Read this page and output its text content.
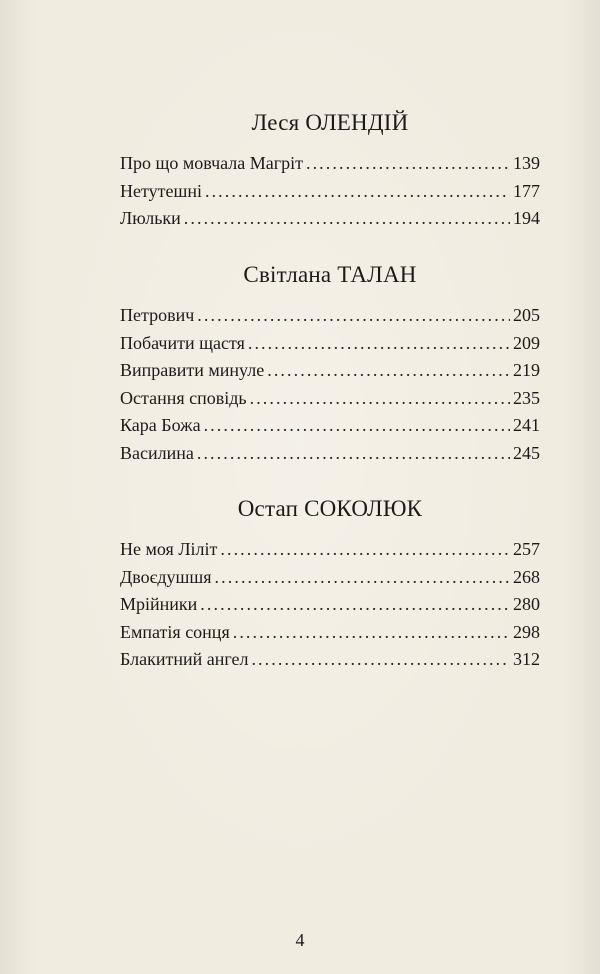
Леся ОЛЕНДІЙ
Про що мовчала Магріт . . .	139
Нетутешні . . .	177
Люльки . . .	194
Світлана ТАЛАН
Петрович . . .	205
Побачити щастя . . .	209
Виправити минуле . . .	219
Остання сповідь . . .	235
Кара Божа . . .	241
Василина . . .	245
Остап СОКОЛЮК
Не моя Ліліт . . .	257
Двоєдушшя . . .	268
Мрійники . . .	280
Емпатія сонця . . .	298
Блакитний ангел . . .	312
4
